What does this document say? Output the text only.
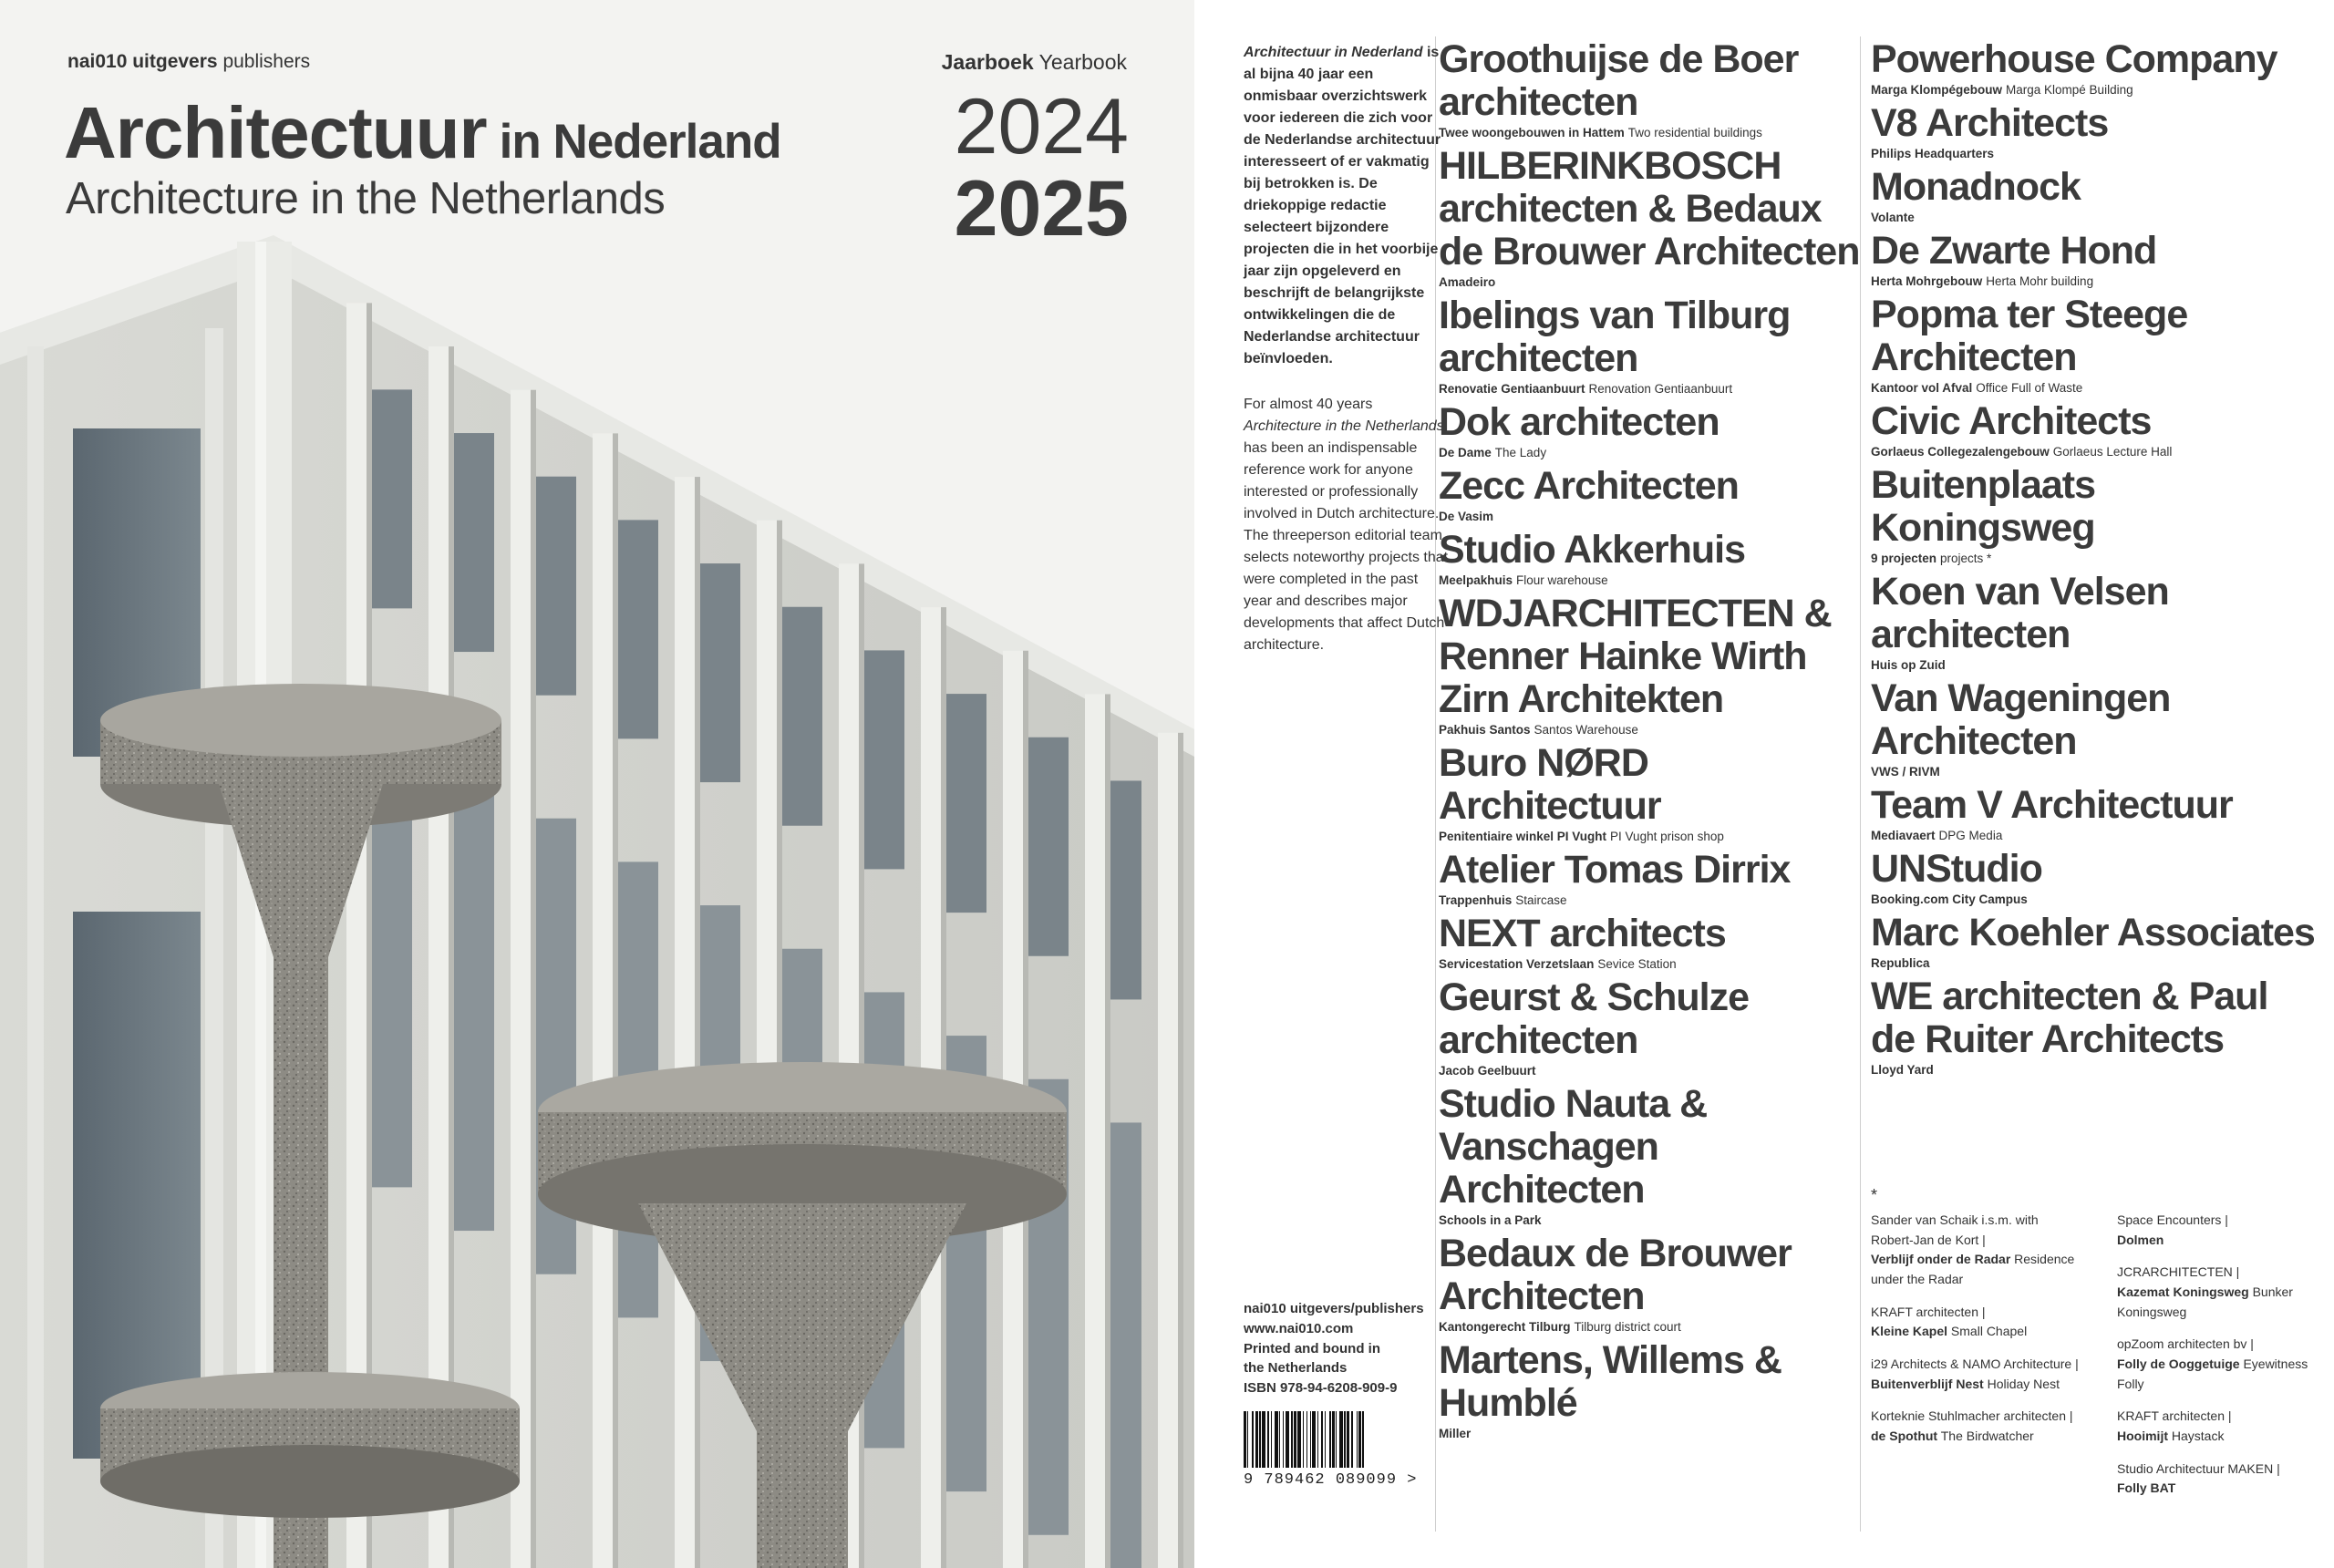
nai010 uitgevers publishers
Architectuur in Nederland
Architecture in the Netherlands
Jaarboek Yearbook
2024
2025
Architectuur in Nederland is al bijna 40 jaar een onmisbaar overzichtswerk voor iedereen die zich voor de Nederlandse architectuur interesseert of er vakmatig bij betrokken is. De driekoppige redactie selecteert bijzondere projecten die in het voorbije jaar zijn opgeleverd en beschrijft de belangrijkste ontwikkelingen die de Nederlandse architectuur beïnvloeden.
For almost 40 years Architecture in the Netherlands has been an indispensable reference work for anyone interested or professionally involved in Dutch architecture. The threeperson editorial team selects noteworthy projects that were completed in the past year and describes major developments that affect Dutch architecture.
nai010 uitgevers/publishers
www.nai010.com
Printed and bound in
the Netherlands
ISBN 978-94-6208-909-9
9 789462 089099 >
Groothuijse de Boer architecten
Twee woongebouwen in Hattem Two residential buildings
HILBERINKBOSCH architecten & Bedaux de Brouwer Architecten
Amadeiro
Ibelings van Tilburg architecten
Renovatie Gentiaanbuurt Renovation Gentiaanbuurt
Dok architecten
De Dame The Lady
Zecc Architecten
De Vasim
Studio Akkerhuis
Meelpakhuis Flour warehouse
WDJARCHITECTEN & Renner Hainke Wirth Zirn Architekten
Pakhuis Santos Santos Warehouse
Buro NØRD Architectuur
Penitentiaire winkel PI Vught PI Vught prison shop
Atelier Tomas Dirrix
Trappenhuis Staircase
NEXT architects
Servicestation Verzetslaan Sevice Station
Geurst & Schulze architecten
Jacob Geelbuurt
Studio Nauta & Vanschagen Architecten
Schools in a Park
Bedaux de Brouwer Architecten
Kantongerecht Tilburg Tilburg district court
Martens, Willems & Humblé
Miller
Powerhouse Company
Marga Klompégebouw Marga Klompé Building
V8 Architects
Philips Headquarters
Monadnock
Volante
De Zwarte Hond
Herta Mohrgebouw Herta Mohr building
Popma ter Steege Architecten
Kantoor vol Afval Office Full of Waste
Civic Architects
Gorlaeus Collegezalengebouw Gorlaeus Lecture Hall
Buitenplaats Koningsweg
9 projecten projects *
Koen van Velsen architecten
Huis op Zuid
Van Wageningen Architecten
VWS / RIVM
Team V Architectuur
Mediavaert DPG Media
UNStudio
Booking.com City Campus
Marc Koehler Associates
Republica
WE architecten & Paul de Ruiter Architects
Lloyd Yard
*
Sander van Schaik i.s.m. with Robert-Jan de Kort |
Verblijf onder de Radar Residence under the Radar
KRAFT architecten |
Kleine Kapel Small Chapel
i29 Architects & NAMO Architecture |
Buitenverblijf Nest Holiday Nest
Korteknie Stuhlmacher architecten |
de Spothut The Birdwatcher
Space Encounters |
Dolmen
JCRARCHITECTEN |
Kazemat Koningsweg Bunker Koningsweg
opZoom architecten bv |
Folly de Ooggetuige Eyewitness Folly
KRAFT architecten |
Hooimijt Haystack
Studio Architectuur MAKEN |
Folly BAT
